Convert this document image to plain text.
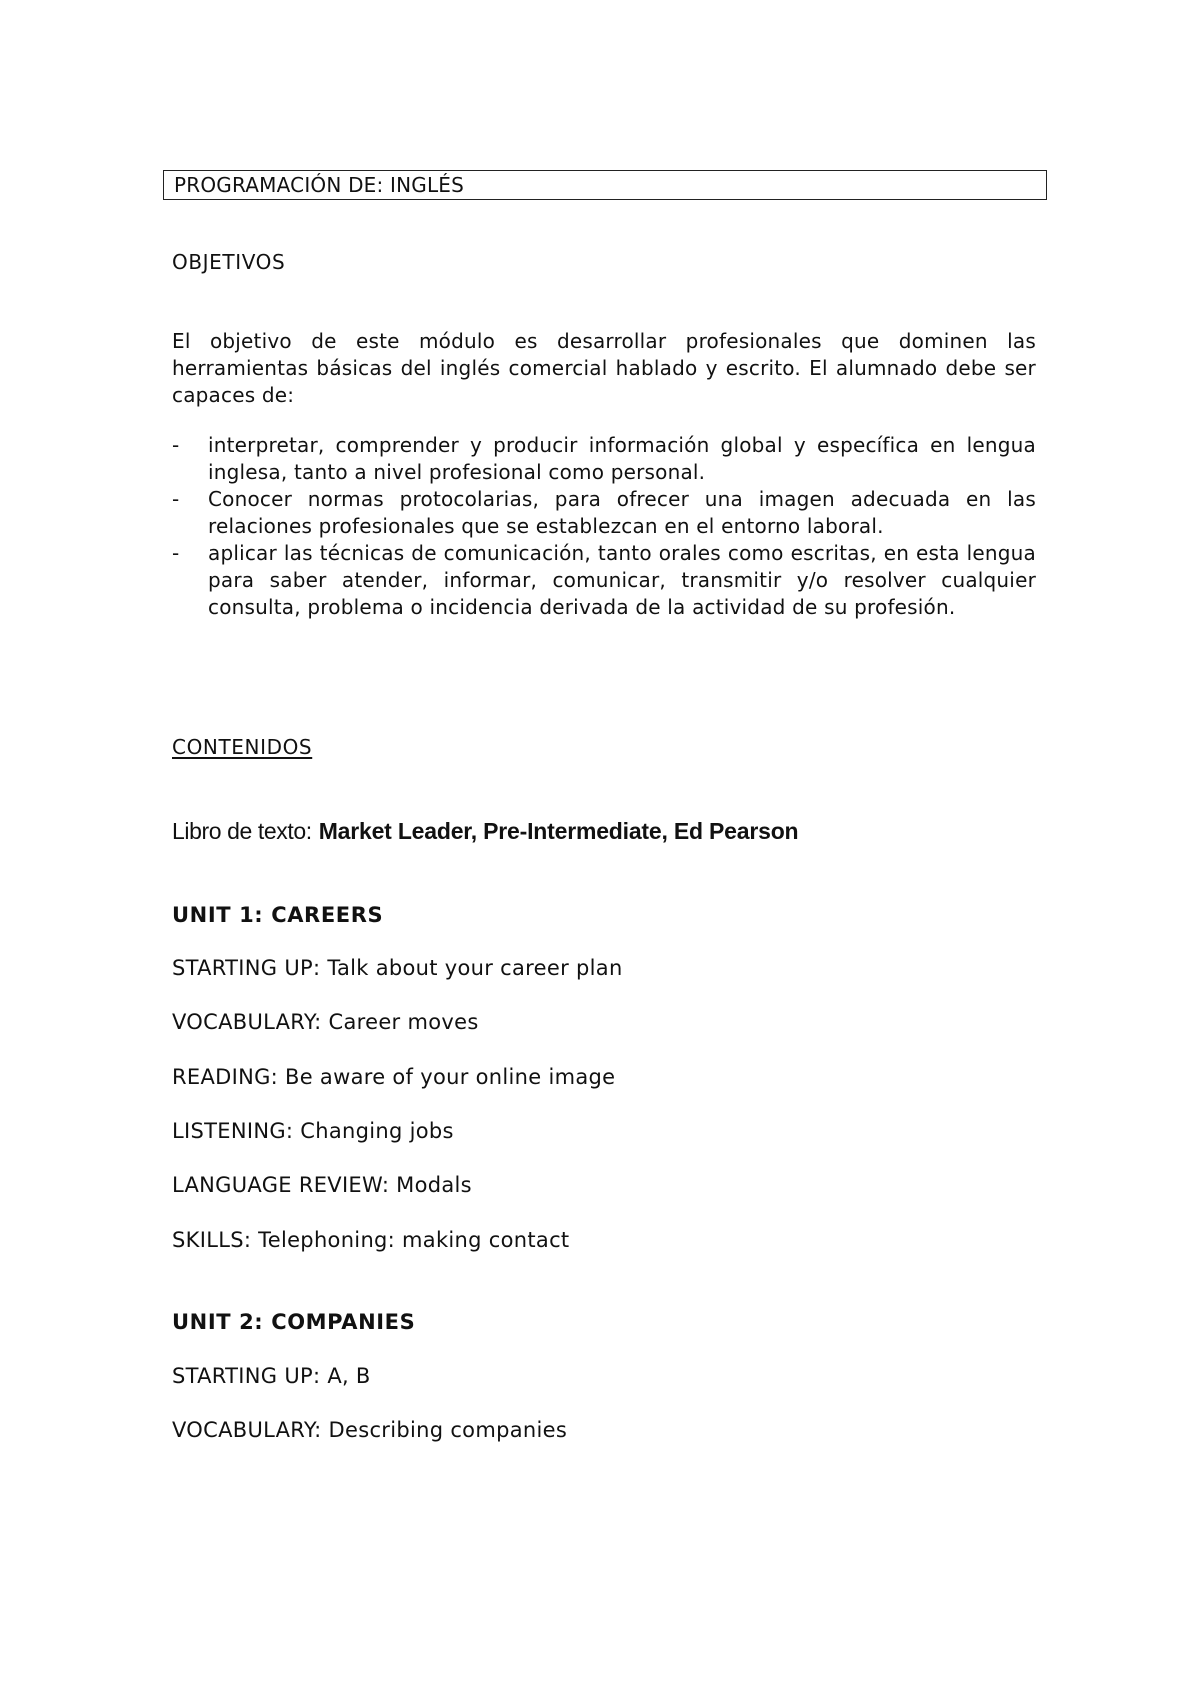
PROGRAMACIÓN DE: INGLÉS
OBJETIVOS
El objetivo de este módulo es desarrollar profesionales que dominen las herramientas básicas del inglés comercial hablado y escrito. El alumnado debe ser capaces de:
- interpretar, comprender y producir información global y específica en lengua inglesa, tanto a nivel profesional como personal.
- Conocer normas protocolarias, para ofrecer una imagen adecuada en las relaciones profesionales que se establezcan en el entorno laboral.
- aplicar las técnicas de comunicación, tanto orales como escritas, en esta lengua para saber atender, informar, comunicar, transmitir y/o resolver cualquier consulta, problema o incidencia derivada de la actividad de su profesión.
CONTENIDOS
Libro de texto: Market Leader, Pre-Intermediate, Ed Pearson
UNIT 1: CAREERS
STARTING UP: Talk about your career plan
VOCABULARY: Career moves
READING: Be aware of your online image
LISTENING: Changing jobs
LANGUAGE REVIEW: Modals
SKILLS: Telephoning: making contact
UNIT 2: COMPANIES
STARTING UP: A, B
VOCABULARY: Describing companies
